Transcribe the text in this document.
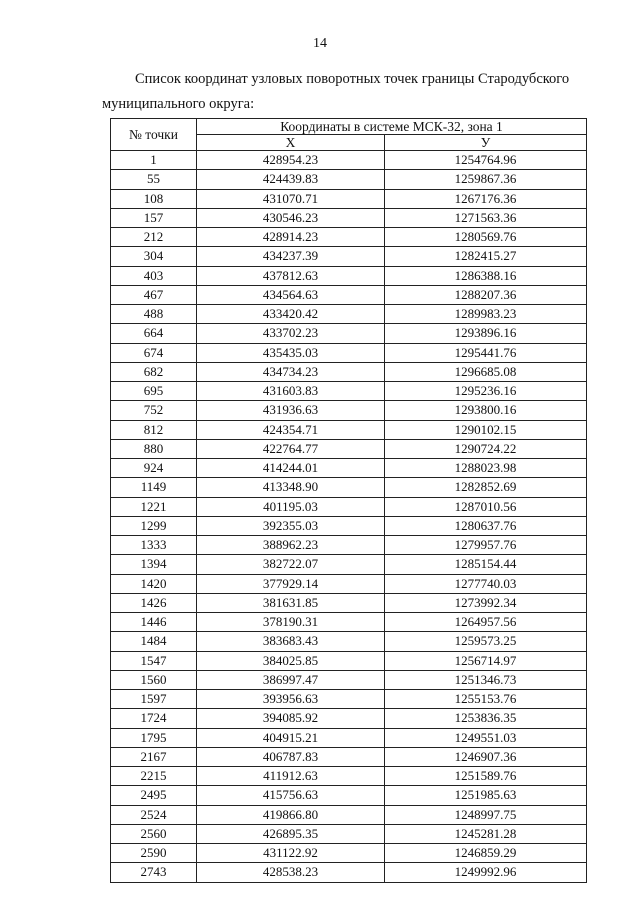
14

Список координат узловых поворотных точек границы Стародубского муниципального округа:

№ точки	Координаты в системе МСК-32, зона 1	
	X	У
1	428954.23	1254764.96
55	424439.83	1259867.36
108	431070.71	1267176.36
157	430546.23	1271563.36
212	428914.23	1280569.76
304	434237.39	1282415.27
403	437812.63	1286388.16
467	434564.63	1288207.36
488	433420.42	1289983.23
664	433702.23	1293896.16
674	435435.03	1295441.76
682	434734.23	1296685.08
695	431603.83	1295236.16
752	431936.63	1293800.16
812	424354.71	1290102.15
880	422764.77	1290724.22
924	414244.01	1288023.98
1149	413348.90	1282852.69
1221	401195.03	1287010.56
1299	392355.03	1280637.76
1333	388962.23	1279957.76
1394	382722.07	1285154.44
1420	377929.14	1277740.03
1426	381631.85	1273992.34
1446	378190.31	1264957.56
1484	383683.43	1259573.25
1547	384025.85	1256714.97
1560	386997.47	1251346.73
1597	393956.63	1255153.76
1724	394085.92	1253836.35
1795	404915.21	1249551.03
2167	406787.83	1246907.36
2215	411912.63	1251589.76
2495	415756.63	1251985.63
2524	419866.80	1248997.75
2560	426895.35	1245281.28
2590	431122.92	1246859.29
2743	428538.23	1249992.96
